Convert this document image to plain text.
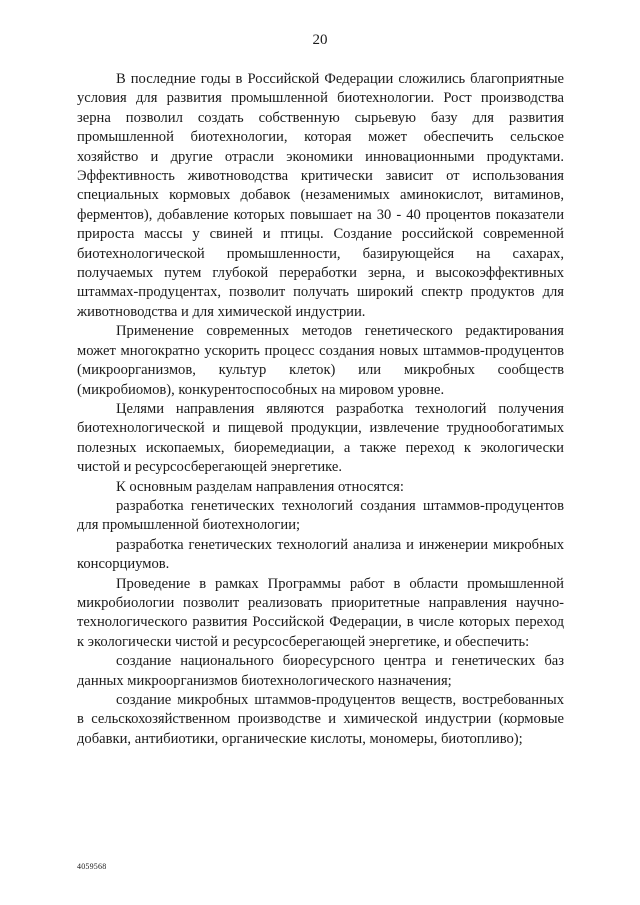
20

В последние годы в Российской Федерации сложились благоприятные условия для развития промышленной биотехнологии. Рост производства зерна позволил создать собственную сырьевую базу для развития промышленной биотехнологии, которая может обеспечить сельское хозяйство и другие отрасли экономики инновационными продуктами. Эффективность животноводства критически зависит от использования специальных кормовых добавок (незаменимых аминокислот, витаминов, ферментов), добавление которых повышает на 30 - 40 процентов показатели прироста массы у свиней и птицы. Создание российской современной биотехнологической промышленности, базирующейся на сахарах, получаемых путем глубокой переработки зерна, и высокоэффективных штаммах-продуцентах, позволит получать широкий спектр продуктов для животноводства и для химической индустрии.

Применение современных методов генетического редактирования может многократно ускорить процесс создания новых штаммов-продуцентов (микроорганизмов, культур клеток) или микробных сообществ (микробиомов), конкурентоспособных на мировом уровне.

Целями направления являются разработка технологий получения биотехнологической и пищевой продукции, извлечение труднообогатимых полезных ископаемых, биоремедиации, а также переход к экологически чистой и ресурсосберегающей энергетике.

К основным разделам направления относятся:

разработка генетических технологий создания штаммов-продуцентов для промышленной биотехнологии;

разработка генетических технологий анализа и инженерии микробных консорциумов.

Проведение в рамках Программы работ в области промышленной микробиологии позволит реализовать приоритетные направления научно-технологического развития Российской Федерации, в числе которых переход к экологически чистой и ресурсосберегающей энергетике, и обеспечить:

создание национального биоресурсного центра и генетических баз данных микроорганизмов биотехнологического назначения;

создание микробных штаммов-продуцентов веществ, востребованных в сельскохозяйственном производстве и химической индустрии (кормовые добавки, антибиотики, органические кислоты, мономеры, биотопливо);

4059568
